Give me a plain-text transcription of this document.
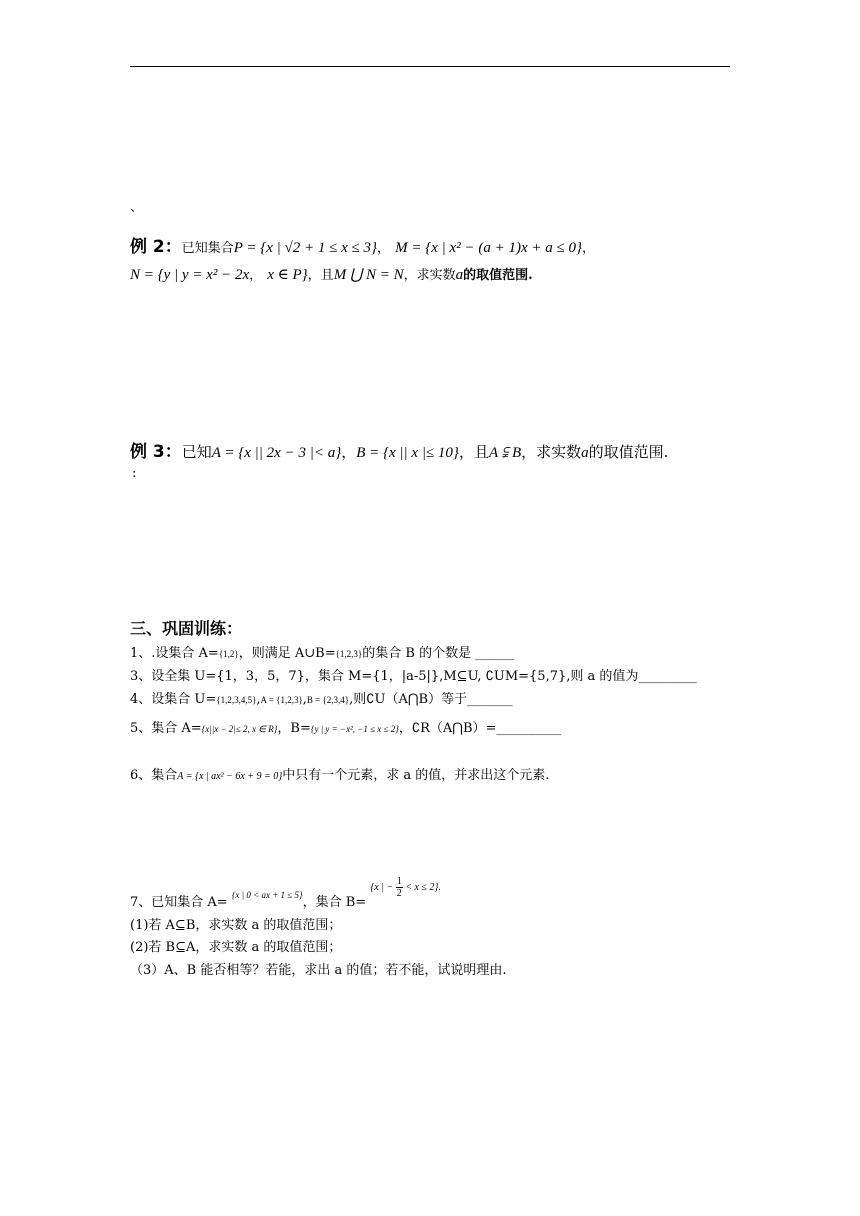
、
例 2：已知集合P = {x | √2 + 1 ≤ x ≤ 3}， M = {x | x² − (a + 1)x + a ≤ 0}，
N = {y | y = x² − 2x， x ∈ P}，且M ⋃ N = N，求实数a的取值范围.
例 3：已知A = {x || 2x − 3 |< a}，B = {x || x |≤ 10}，且A ⫋ B，求实数a的取值范围.
:
三、巩固训练：
1、.设集合 A={1,2}，则满足 A∪B={1,2,3}的集合 B 的个数是 ______
3、设全集 U={1，3，5，7}，集合 M={1，|a-5|},M⊆U, ∁UM={5,7},则 a 的值为_________
4、设集合 U={1,2,3,4,5},A = {1,2,3},B = {2,3,4},则∁U（A⋂B）等于_______
5、集合 A={x||x − 2|≤ 2, x ∈ R}，B={y | y = −x², −1 ≤ x ≤ 2}，∁R（A⋂B）=__________
6、集合A = {x | ax² − 6x + 9 = 0}中只有一个元素，求 a 的值，并求出这个元素.
7、已知集合 A= $^{\{x | 0 < ax + 1 \le 5\}}$，集合 B= $^{\{x | - \frac{1}{2} < x \le 2\}.}$
(1)若 A⊆B，求实数 a 的取值范围；
(2)若 B⊆A，求实数 a 的取值范围；
（3）A、B 能否相等？若能，求出 a 的值；若不能，试说明理由.
